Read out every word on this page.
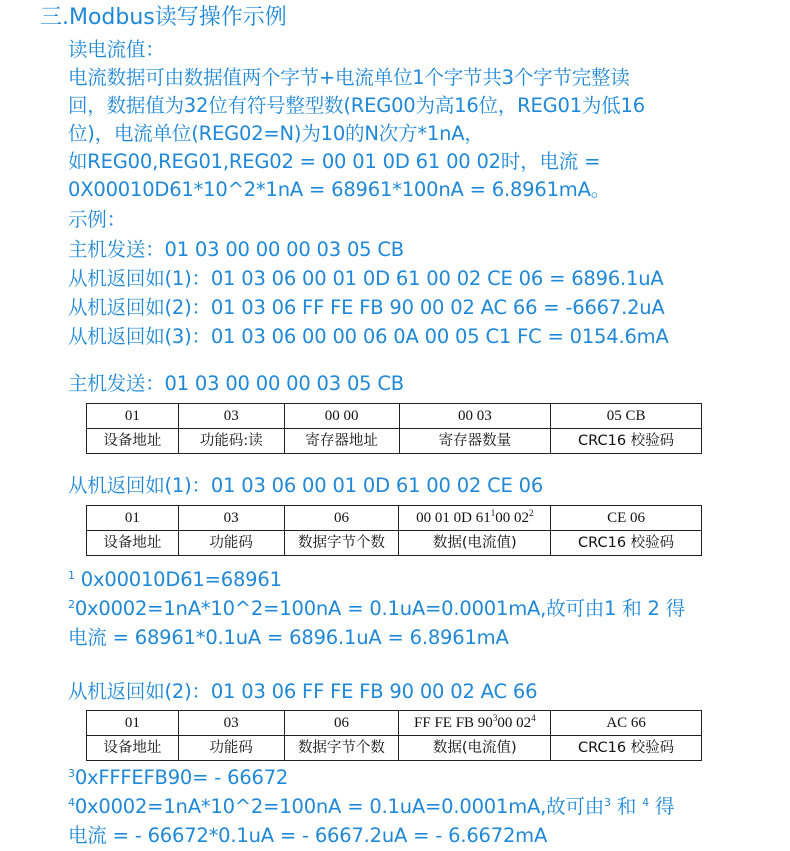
三.Modbus读写操作示例
读电流值：
电流数据可由数据值两个字节+电流单位1个字节共3个字节完整读
回，数据值为32位有符号整型数(REG00为高16位，REG01为低16
位)，电流单位(REG02=N)为10的N次方*1nA，
如REG00,REG01,REG02 = 00 01 0D 61 00 02时，电流 =
0X00010D61*10^2*1nA = 68961*100nA = 6.8961mA。
示例：
主机发送：01 03 00 00 00 03 05 CB
从机返回如(1)：01 03 06 00 01 0D 61 00 02 CE 06 = 6896.1uA
从机返回如(2)：01 03 06 FF FE FB 90 00 02 AC 66 = -6667.2uA
从机返回如(3)：01 03 06 00 00 06 0A 00 05 C1 FC = 0154.6mA
主机发送：01 03 00 00 00 03 05 CB
01	03	00 00	00 03	05 CB
设备地址	功能码:读	寄存器地址	寄存器数量	CRC16 校验码
从机返回如(1)：01 03 06 00 01 0D 61 00 02 CE 06
01	03	06	00 01 0D $61^100$ $02^2$	CE 06
设备地址	功能码	数据字节个数	数据(电流值)	CRC16 校验码
$^1$ 0x00010D61=68961
$^2$0x0002=1nA*10^2=100nA = 0.1uA=0.0001mA,故可由1 和 2 得
电流 = 68961*0.1uA = 6896.1uA = 6.8961mA
从机返回如(2)：01 03 06 FF FE FB 90 00 02 AC 66
01	03	06	FF FE FB $90^300$ $02^4$	AC 66
设备地址	功能码	数据字节个数	数据(电流值)	CRC16 校验码
$^3$0xFFFEFB90= - 66672
$^4$0x0002=1nA*10^2=100nA = 0.1uA=0.0001mA,故可由$^3$ 和 $^4$ 得
电流 = - 66672*0.1uA = - 6667.2uA = - 6.6672mA
